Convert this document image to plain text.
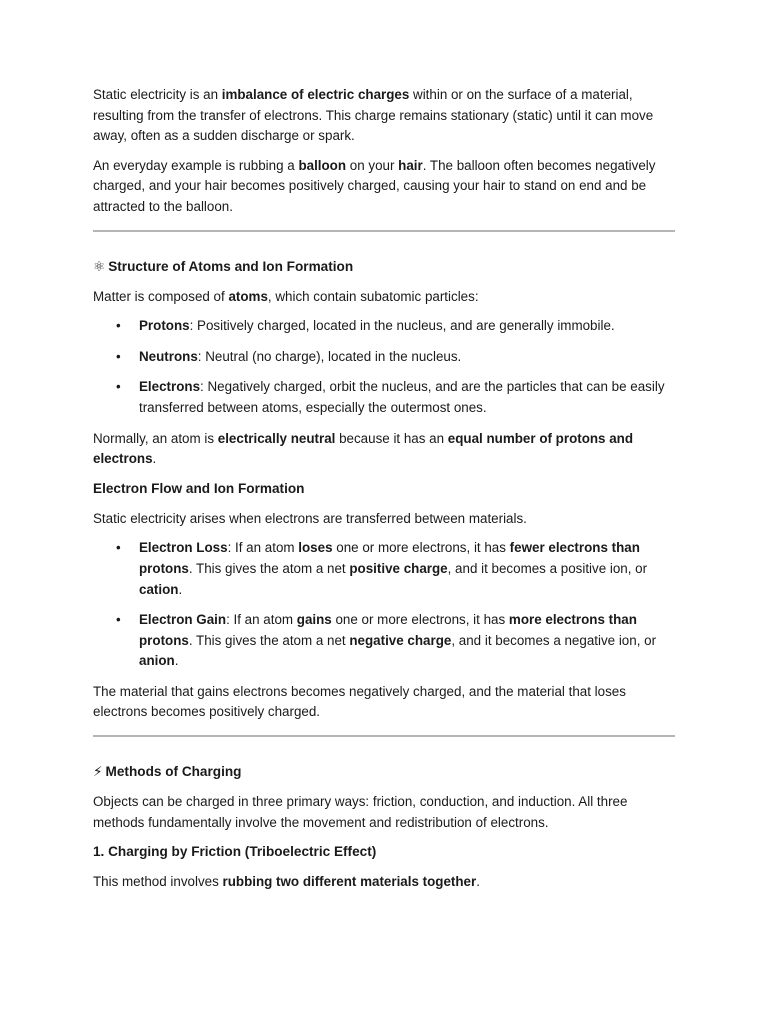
Static electricity is an imbalance of electric charges within or on the surface of a material, resulting from the transfer of electrons. This charge remains stationary (static) until it can move away, often as a sudden discharge or spark.

An everyday example is rubbing a balloon on your hair. The balloon often becomes negatively charged, and your hair becomes positively charged, causing your hair to stand on end and be attracted to the balloon.

⚛ Structure of Atoms and Ion Formation

Matter is composed of atoms, which contain subatomic particles:

• Protons: Positively charged, located in the nucleus, and are generally immobile.
• Neutrons: Neutral (no charge), located in the nucleus.
• Electrons: Negatively charged, orbit the nucleus, and are the particles that can be easily transferred between atoms, especially the outermost ones.

Normally, an atom is electrically neutral because it has an equal number of protons and electrons.

Electron Flow and Ion Formation

Static electricity arises when electrons are transferred between materials.

• Electron Loss: If an atom loses one or more electrons, it has fewer electrons than protons. This gives the atom a net positive charge, and it becomes a positive ion, or cation.
• Electron Gain: If an atom gains one or more electrons, it has more electrons than protons. This gives the atom a net negative charge, and it becomes a negative ion, or anion.

The material that gains electrons becomes negatively charged, and the material that loses electrons becomes positively charged.

⚡ Methods of Charging

Objects can be charged in three primary ways: friction, conduction, and induction. All three methods fundamentally involve the movement and redistribution of electrons.

1. Charging by Friction (Triboelectric Effect)

This method involves rubbing two different materials together.
